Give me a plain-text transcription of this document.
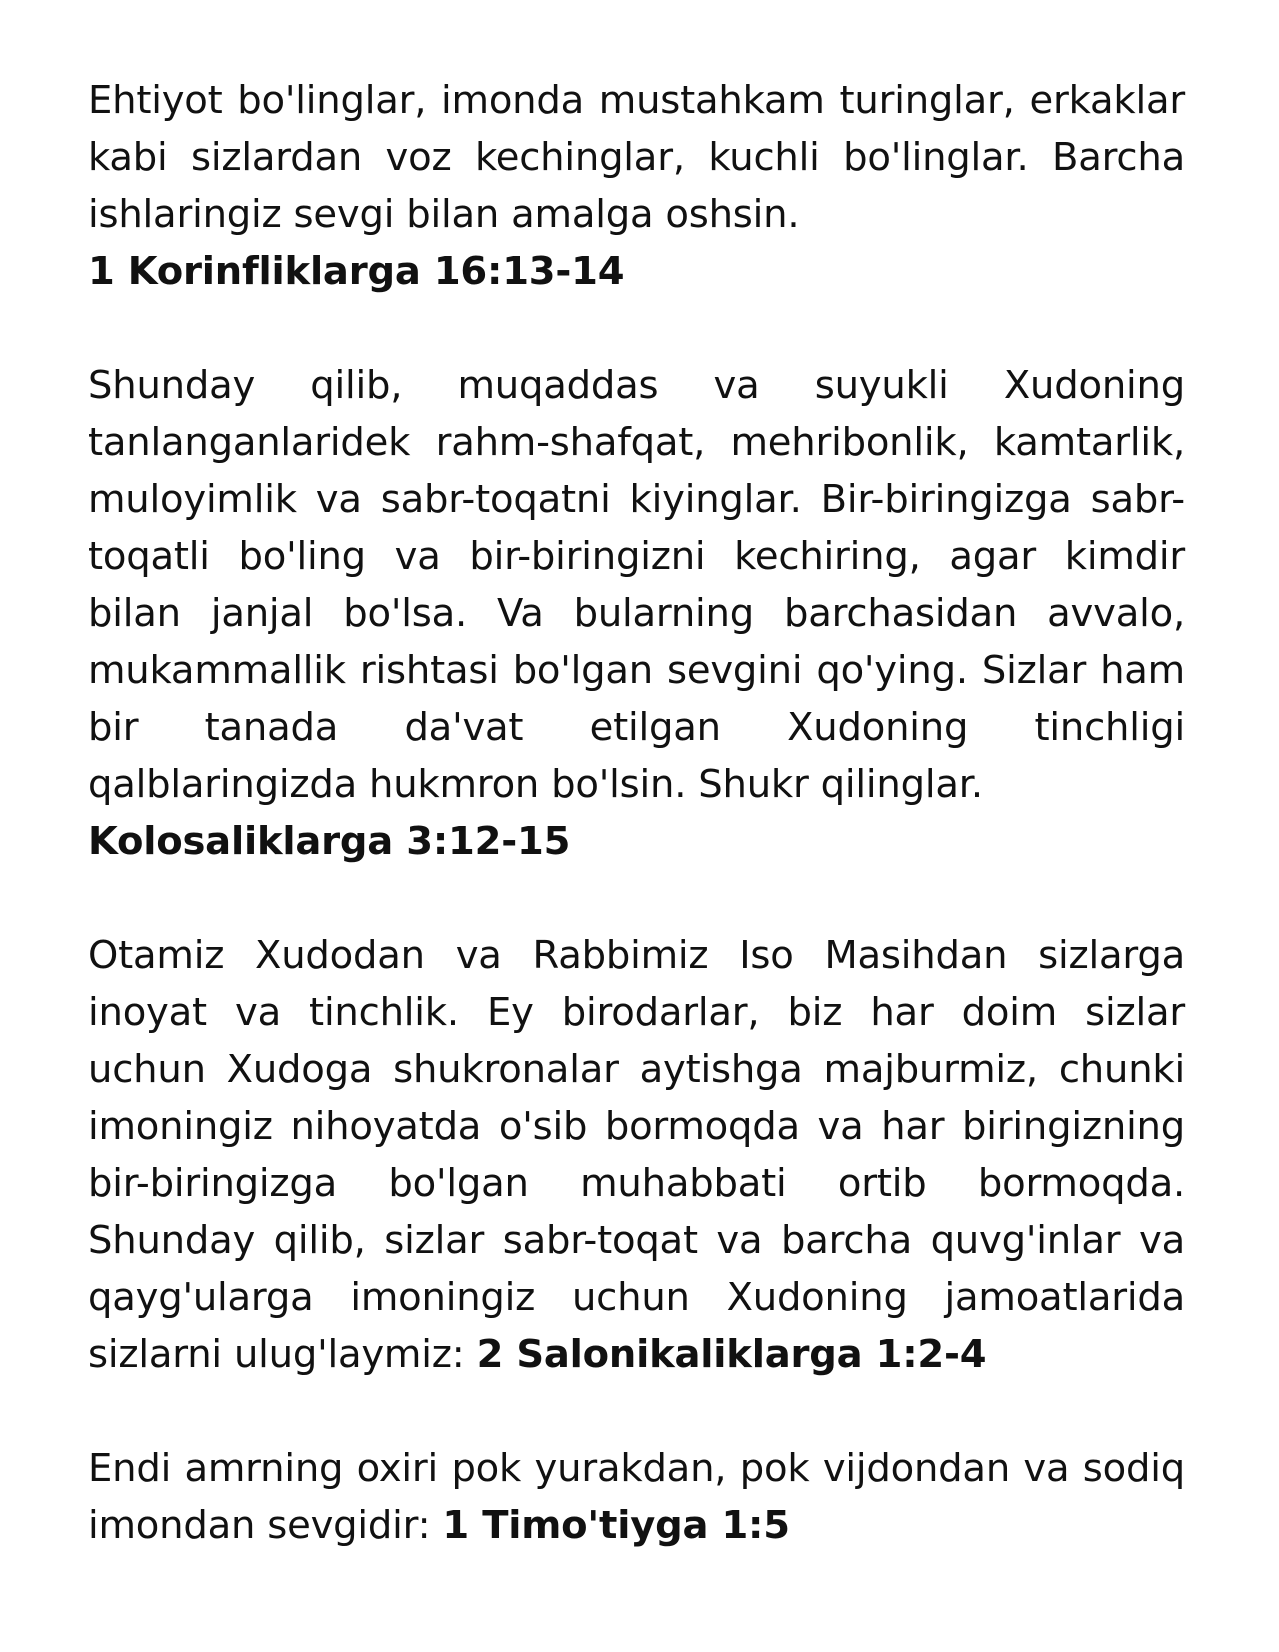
Ehtiyot bo'linglar, imonda mustahkam turinglar, erkaklar kabi sizlardan voz kechinglar, kuchli bo'linglar. Barcha ishlaringiz sevgi bilan amalga oshsin.
1 Korinfliklarga 16:13-14

Shunday qilib, muqaddas va suyukli Xudoning tanlanganlaridek rahm-shafqat, mehribonlik, kamtarlik, muloyimlik va sabr-toqatni kiyinglar. Bir-biringizga sabr-toqatli bo'ling va bir-biringizni kechiring, agar kimdir bilan janjal bo'lsa. Va bularning barchasidan avvalo, mukammallik rishtasi bo'lgan sevgini qo'ying. Sizlar ham bir tanada da'vat etilgan Xudoning tinchligi qalblaringizda hukmron bo'lsin. Shukr qilinglar.
Kolosaliklarga 3:12-15

Otamiz Xudodan va Rabbimiz Iso Masihdan sizlarga inoyat va tinchlik. Ey birodarlar, biz har doim sizlar uchun Xudoga shukronalar aytishga majburmiz, chunki imoningiz nihoyatda o'sib bormoqda va har biringizning bir-biringizga bo'lgan muhabbati ortib bormoqda. Shunday qilib, sizlar sabr-toqat va barcha quvg'inlar va qayg'ularga imoningiz uchun Xudoning jamoatlarida sizlarni ulug'laymiz: 2 Salonikaliklarga 1:2-4

Endi amrning oxiri pok yurakdan, pok vijdondan va sodiq imondan sevgidir: 1 Timo'tiyga 1:5
